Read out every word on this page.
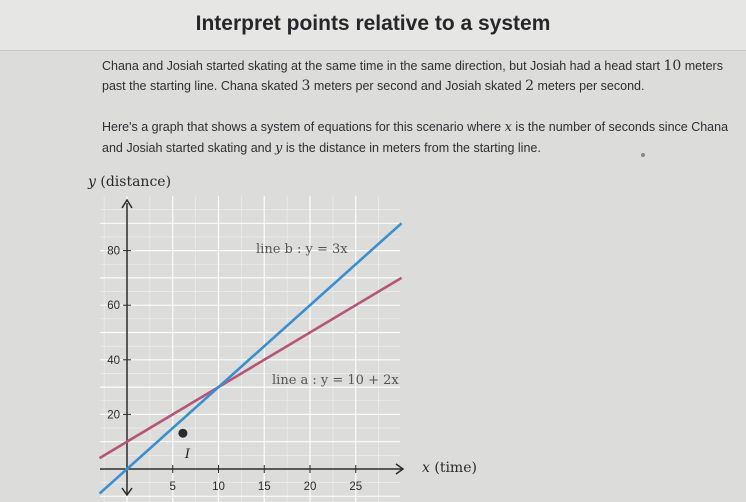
Interpret points relative to a system
Chana and Josiah started skating at the same time in the same direction, but Josiah had a head start 10 meters past the starting line. Chana skated 3 meters per second and Josiah skated 2 meters per second.
Here's a graph that shows a system of equations for this scenario where x is the number of seconds since Chana and Josiah started skating and y is the distance in meters from the starting line.
y (distance)
x (time)
5	10	15	20	25
20
40
60
80	line b : y = 3x
line a : y = 10 + 2x
I
